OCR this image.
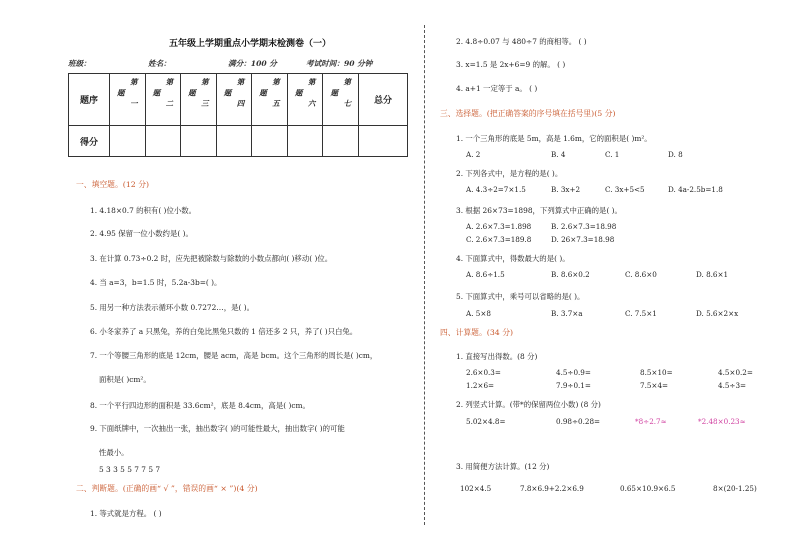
五年级上学期重点小学期末检测卷（一）
班级：	姓名：	满分：100 分	考试时间：90 分钟
题序	第一题	第二题	第三题	第四题	第五题	第六题	第七题	总分
得分								
一、填空题。(12 分)
1. 4.18×0.7 的积有( )位小数。
2. 4.95 保留一位小数约是( )。
3. 在计算 0.73÷0.2 时，应先把被除数与除数的小数点都向( )移动( )位。
4. 当 a=3，b=1.5 时，5.2a-3b=( )。
5. 用另一种方法表示循环小数 0.7272…，是( )。
6. 小冬家养了 a 只黑兔，养的白兔比黑兔只数的 1 倍还多 2 只，养了( )只白兔。
7. 一个等腰三角形的底是 12cm，腰是 acm，高是 bcm。这个三角形的周长是( )cm，
面积是( )cm²。
8. 一个平行四边形的面积是 33.6cm²，底是 8.4cm，高是( )cm。
9. 下面纸牌中，一次抽出一张，抽出数字( )的可能性最大，抽出数字( )的可能
性最小。
5 3 3 5 5 7 7 5 7
二、判断题。(正确的画“ √ ”，错误的画“ × ”)(4 分)
1. 等式就是方程。 ( )
2. 4.8÷0.07 与 480÷7 的商相等。 ( )
3. x=1.5 是 2x+6=9 的解。 ( )
4. a+1 一定等于 a。 ( )
三、选择题。(把正确答案的序号填在括号里)(5 分)
1. 一个三角形的底是 5m，高是 1.6m，它的面积是( )m²。
A. 2	B. 4	C. 1	D. 8
2. 下列各式中，是方程的是( )。
A. 4.3÷2=7×1.5	B. 3x+2	C. 3x+5<5	D. 4a-2.5b=1.8
3. 根据 26×73=1898，下列算式中正确的是( )。
A. 2.6×7.3=1.898	B. 2.6×7.3=18.98
C. 2.6×7.3=189.8	D. 26×7.3=18.98
4. 下面算式中，得数最大的是( )。
A. 8.6÷1.5	B. 8.6×0.2	C. 8.6×0	D. 8.6×1
5. 下面算式中，乘号可以省略的是( )。
A. 5×8	B. 3.7×a	C. 7.5×1	D. 5.6×2×x
四、计算题。(34 分)
1. 直接写出得数。(8 分)
2.6×0.3=	4.5÷0.9=	8.5×10=	4.5×0.2=
1.2×6=	7.9÷0.1=	7.5×4=	4.5÷3=
2. 列竖式计算。(带*的保留两位小数) (8 分)
5.02×4.8=	0.98÷0.28=	*8÷2.7≈	*2.48×0.23≈
3. 用简便方法计算。(12 分)
102×4.5	7.8×6.9+2.2×6.9	0.65×10.9×6.5	8×(20-1.25)
